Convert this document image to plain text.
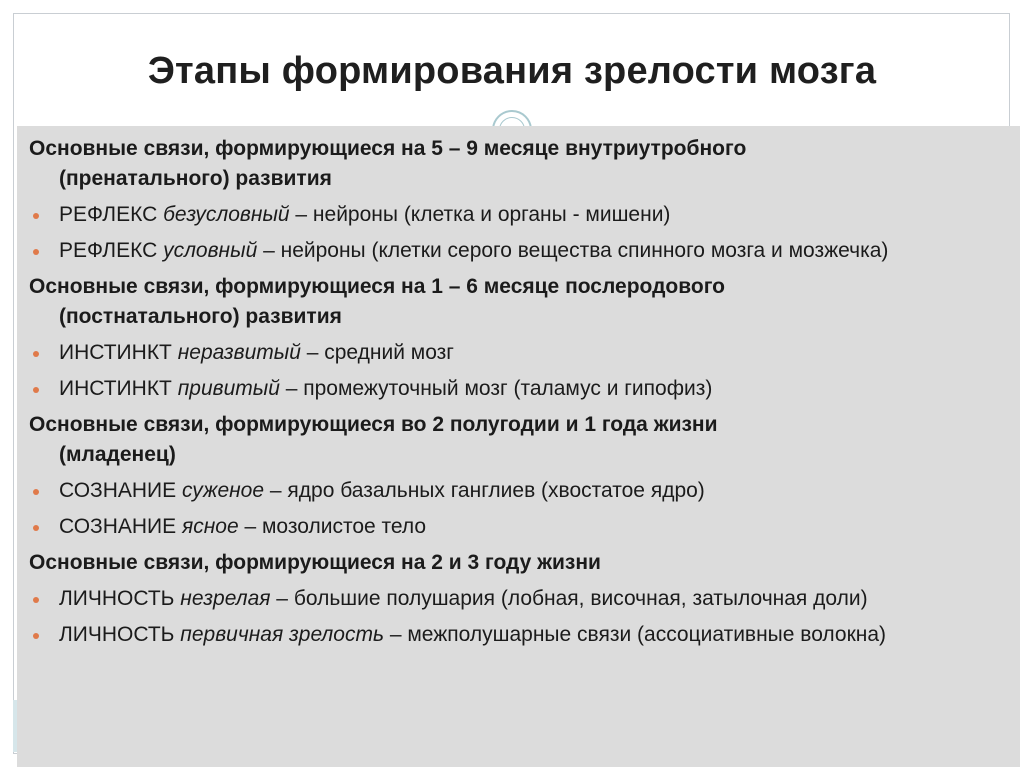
Этапы формирования зрелости мозга
Основные связи, формирующиеся на 5 – 9 месяце внутриутробного
(пренатального) развития
РЕФЛЕКС безусловный – нейроны (клетка и органы - мишени)
РЕФЛЕКС условный – нейроны (клетки серого вещества спинного мозга и мозжечка)
Основные связи, формирующиеся на 1 – 6 месяце послеродового
(постнатального) развития
ИНСТИНКТ неразвитый – средний мозг
ИНСТИНКТ привитый – промежуточный мозг (таламус и гипофиз)
Основные связи, формирующиеся во 2 полугодии и 1 года жизни
(младенец)
СОЗНАНИЕ суженое – ядро базальных ганглиев (хвостатое ядро)
СОЗНАНИЕ ясное – мозолистое тело
Основные связи, формирующиеся на 2 и 3 году жизни
ЛИЧНОСТЬ незрелая – большие полушария (лобная, височная, затылочная доли)
ЛИЧНОСТЬ первичная зрелость – межполушарные связи (ассоциативные волокна)
